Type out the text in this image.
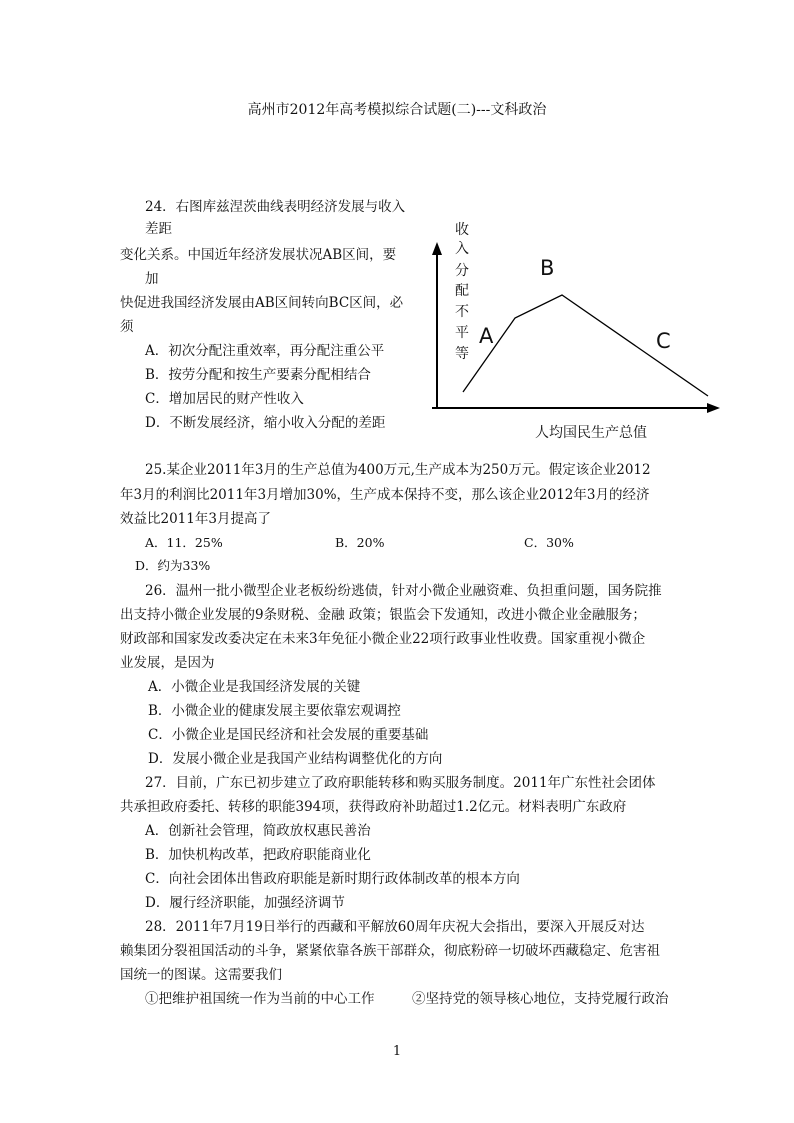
高州市2012年高考模拟综合试题(二)---文科政治
24．右图库兹涅茨曲线表明经济发展与收入
差距
变化关系。中国近年经济发展状况AB区间，要
加
快促进我国经济发展由AB区间转向BC区间，必
须
A．初次分配注重效率，再分配注重公平
B．按劳分配和按生产要素分配相结合
C．增加居民的财产性收入
D．不断发展经济，缩小收入分配的差距
收
入
分
配
不
平
等
A
B
C
人均国民生产总值
25.某企业2011年3月的生产总值为400万元,生产成本为250万元。假定该企业2012
年3月的利润比2011年3月增加30%，生产成本保持不变，那么该企业2012年3月的经济
效益比2011年3月提高了
A．11．25%	B．20%	C．30%
D．约为33%
26．温州一批小微型企业老板纷纷逃债，针对小微企业融资难、负担重问题，国务院推
出支持小微企业发展的9条财税、金融 政策；银监会下发通知，改进小微企业金融服务；
财政部和国家发改委决定在未来3年免征小微企业22项行政事业性收费。国家重视小微企
业发展，是因为
A．小微企业是我国经济发展的关键
B．小微企业的健康发展主要依靠宏观调控
C．小微企业是国民经济和社会发展的重要基础
D．发展小微企业是我国产业结构调整优化的方向
27．目前，广东已初步建立了政府职能转移和购买服务制度。2011年广东性社会团体
共承担政府委托、转移的职能394项，获得政府补助超过1.2亿元。材料表明广东政府
A．创新社会管理，简政放权惠民善治
B．加快机构改革，把政府职能商业化
C．向社会团体出售政府职能是新时期行政体制改革的根本方向
D．履行经济职能，加强经济调节
28．2011年7月19日举行的西藏和平解放60周年庆祝大会指出，要深入开展反对达
赖集团分裂祖国活动的斗争，紧紧依靠各族干部群众，彻底粉碎一切破坏西藏稳定、危害祖
国统一的图谋。这需要我们
①把维护祖国统一作为当前的中心工作	②坚持党的领导核心地位，支持党履行政治
1
